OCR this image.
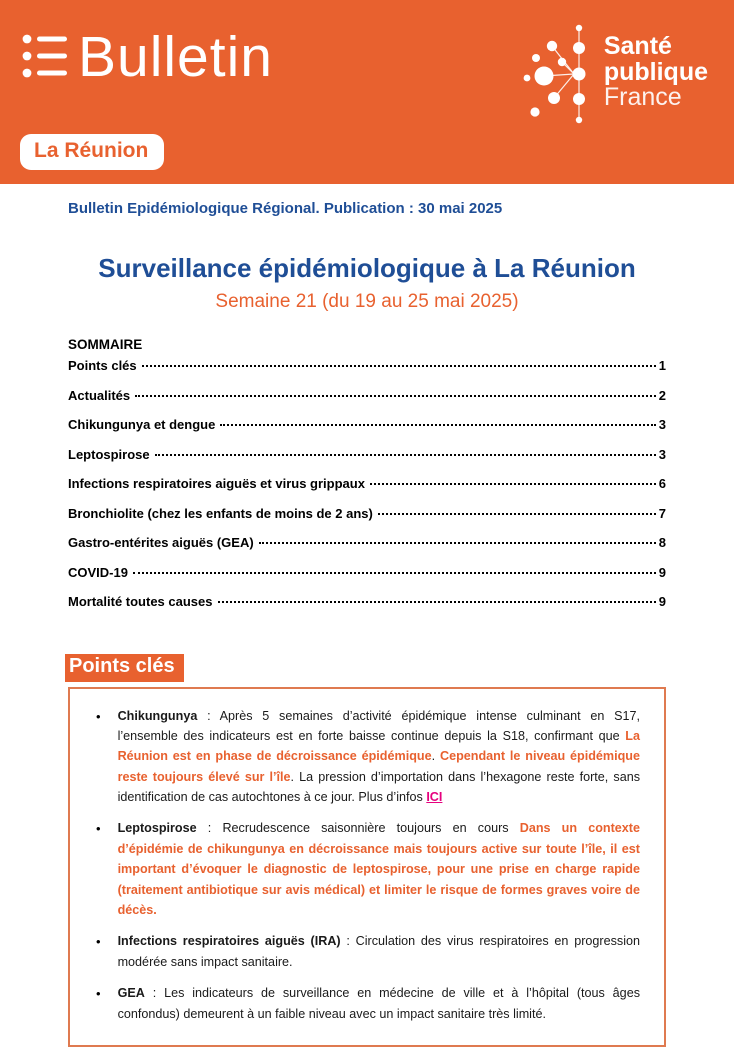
Bulletin	Santé
publique
France
La Réunion

Bulletin Epidémiologique Régional. Publication : 30 mai 2025

Surveillance épidémiologique à La Réunion
Semaine 21 (du 19 au 25 mai 2025)
SOMMAIRE
Points clés	1
Actualités	2
Chikungunya et dengue	3
Leptospirose	3
Infections respiratoires aiguës et virus grippaux	6
Bronchiolite (chez les enfants de moins de 2 ans)	7
Gastro-entérites aiguës (GEA)	8
COVID-19	9
Mortalité toutes causes	9
Points clés
• Chikungunya : Après 5 semaines d’activité épidémique intense culminant en S17, l’ensemble des indicateurs est en forte baisse continue depuis la S18, confirmant que La Réunion est en phase de décroissance épidémique. Cependant le niveau épidémique reste toujours élevé sur l’île. La pression d’importation dans l’hexagone reste forte, sans identification de cas autochtones à ce jour. Plus d’infos ICI

• Leptospirose : Recrudescence saisonnière toujours en cours Dans un contexte d’épidémie de chikungunya en décroissance mais toujours active sur toute l’île, il est important d’évoquer le diagnostic de leptospirose, pour une prise en charge rapide (traitement antibiotique sur avis médical) et limiter le risque de formes graves voire de décès.

• Infections respiratoires aiguës (IRA) : Circulation des virus respiratoires en progression modérée sans impact sanitaire.

• GEA : Les indicateurs de surveillance en médecine de ville et à l’hôpital (tous âges confondus) demeurent à un faible niveau avec un impact sanitaire très limité.
